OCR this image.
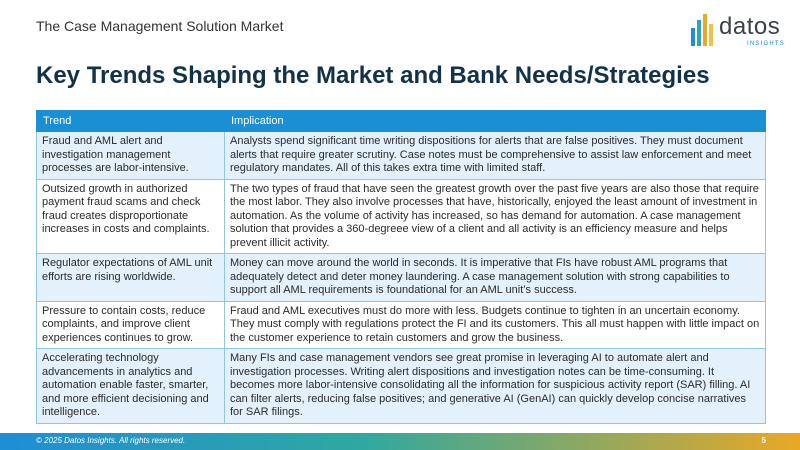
The Case Management Solution Market	datos
INSIGHTS
Key Trends Shaping the Market and Bank Needs/Strategies
Trend	Implication
Fraud and AML alert and investigation management processes are labor-intensive.	Analysts spend significant time writing dispositions for alerts that are false positives. They must document alerts that require greater scrutiny. Case notes must be comprehensive to assist law enforcement and meet regulatory mandates. All of this takes extra time with limited staff.
Outsized growth in authorized payment fraud scams and check fraud creates disproportionate increases in costs and complaints.	The two types of fraud that have seen the greatest growth over the past five years are also those that require the most labor. They also involve processes that have, historically, enjoyed the least amount of investment in automation. As the volume of activity has increased, so has demand for automation. A case management solution that provides a 360-degreee view of a client and all activity is an efficiency measure and helps prevent illicit activity.
Regulator expectations of AML unit efforts are rising worldwide.	Money can move around the world in seconds. It is imperative that FIs have robust AML programs that adequately detect and deter money laundering. A case management solution with strong capabilities to support all AML requirements is foundational for an AML unit’s success.
Pressure to contain costs, reduce complaints, and improve client experiences continues to grow.	Fraud and AML executives must do more with less. Budgets continue to tighten in an uncertain economy. They must comply with regulations protect the FI and its customers. This all must happen with little impact on the customer experience to retain customers and grow the business.
Accelerating technology advancements in analytics and automation enable faster, smarter, and more efficient decisioning and intelligence.	Many FIs and case management vendors see great promise in leveraging AI to automate alert and investigation processes. Writing alert dispositions and investigation notes can be time-consuming. It becomes more labor-intensive consolidating all the information for suspicious activity report (SAR) filling. AI can filter alerts, reducing false positives; and generative AI (GenAI) can quickly develop concise narratives for SAR filings.
© 2025 Datos Insights. All rights reserved.	5
